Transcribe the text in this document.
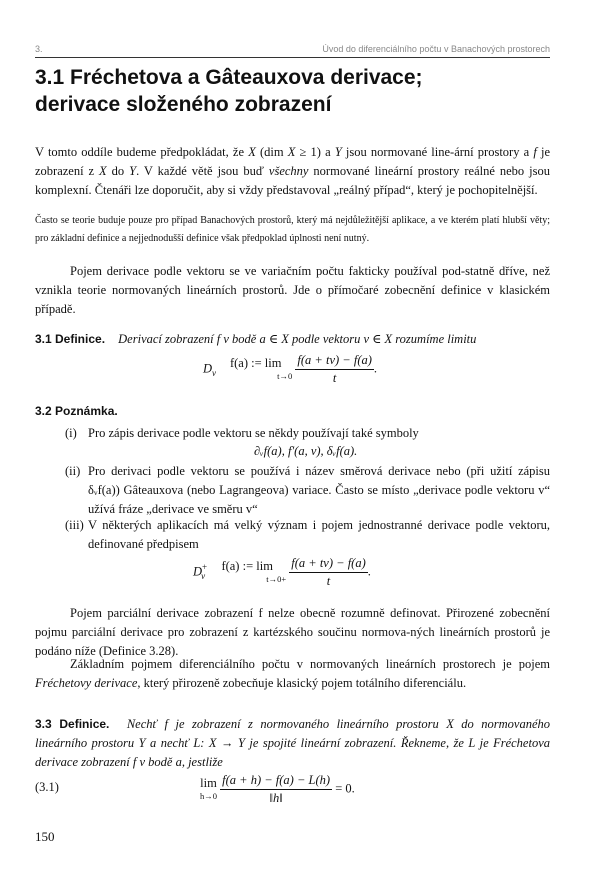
3.	Úvod do diferenciálního počtu v Banachových prostorech
3.1 Fréchetova a Gâteauxova derivace;
derivace složeného zobrazení
V tomto oddíle budeme předpokládat, že X (dim X ≥ 1) a Y jsou normované line-ární prostory a f je zobrazení z X do Y. V každé větě jsou buď všechny normované lineární prostory reálné nebo jsou komplexní. Čtenáři lze doporučit, aby si vždy představoval „reálný případ“, který je pochopitelnější.
Často se teorie buduje pouze pro případ Banachových prostorů, který má nejdůležitější aplikace, a ve kterém platí hlubší věty; pro základní definice a nejjednodušší definice však předpoklad úplnosti není nutný.
Pojem derivace podle vektoru se ve variačním počtu fakticky používal pod-statně dříve, než vznikla teorie normovaných lineárních prostorů. Jde o přímočaré zobecnění definice v klasickém případě.
3.1 Definice. Derivací zobrazení f v bodě a ∈ X podle vektoru v ∈ X rozumíme limitu
$D_v$ f(a) := lim
t→0
$\frac{f(a + tv) - f(a)}{t}$ .
3.2 Poznámka.
(i) Pro zápis derivace podle vektoru se někdy používají také symboly
∂ᵥf(a), f′(a, v), δᵥf(a).
(ii) Pro derivaci podle vektoru se používá i název směrová derivace nebo (při užití zápisu δᵥf(a)) Gâteauxova (nebo Lagrangeova) variace. Často se místo „derivace podle vektoru v“ užívá fráze „derivace ve směru v“
(iii) V některých aplikacích má velký význam i pojem jednostranné derivace podle vektoru, definované předpisem
$D^+_v$ f(a) := lim
t→0+
$\frac{f(a + tv) - f(a)}{t}$ .
Pojem parciální derivace zobrazení f nelze obecně rozumně definovat. Přirozené zobecnění pojmu parciální derivace pro zobrazení z kartézského součinu normova-ných lineárních prostorů je podáno níže (Definice 3.28).
Základním pojmem diferenciálního počtu v normovaných lineárních prostorech je pojem Fréchetovy derivace, který přirozeně zobecňuje klasický pojem totálního diferenciálu.
3.3 Definice. Nechť f je zobrazení z normovaného lineárního prostoru X do normovaného lineárního prostoru Y a nechť L: X → Y je spojité lineární zobrazení. Řekneme, že L je Fréchetova derivace zobrazení f v bodě a, jestliže
(3.1)	lim
h→0
$\frac{f(a + h) - f(a) - L(h)}{‖h‖} = 0$.
150
